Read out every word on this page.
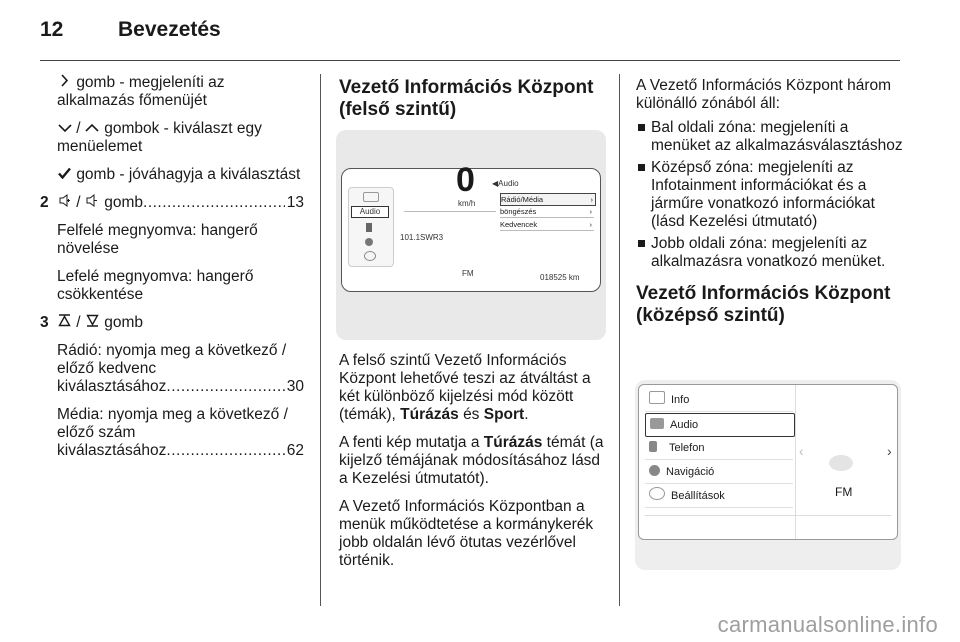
12	Bevezetés

gomb - megjeleníti az alkalmazás főmenüjét

/  gombok - kiválaszt egy menüelemet

gomb - jóváhagyja a kiválasztást

2	/  gomb .....	13

Felfelé megnyomva: hangerő növelése

Lefelé megnyomva: hangerő csökkentése

3	/  gomb
Rádió: nyomja meg a következő / előző kedvenc
kiválasztásához .....	30
Média: nyomja meg a következő / előző szám
kiválasztásához .....	62
Vezető Információs Központ (felső szintű)
Audio
0
km/h
101.1SWR3
FM
◀Audio
Rádió/Média	›
böngészés	›
Kedvencek	›
018525 km

A felső szintű Vezető Információs Központ lehetővé teszi az átváltást a két különböző kijelzési mód között (témák), Túrázás és Sport.

A fenti kép mutatja a Túrázás témát (a kijelző témájának módosításához lásd a Kezelési útmutatót).

A Vezető Információs Központban a menük működtetése a kormánykerék jobb oldalán lévő ötutas vezérlővel történik.

A Vezető Információs Központ három különálló zónából áll:

Bal oldali zóna: megjeleníti a menüket az alkalmazásválasztáshoz
Középső zóna: megjeleníti az Infotainment információkat és a járműre vonatkozó információkat (lásd Kezelési útmutató)
Jobb oldali zóna: megjeleníti az alkalmazásra vonatkozó menüket.
Vezető Információs Központ (középső szintű)
Info
Audio
Telefon
Navigáció
Beállítások
‹	›
FM
carmanualsonline.info
